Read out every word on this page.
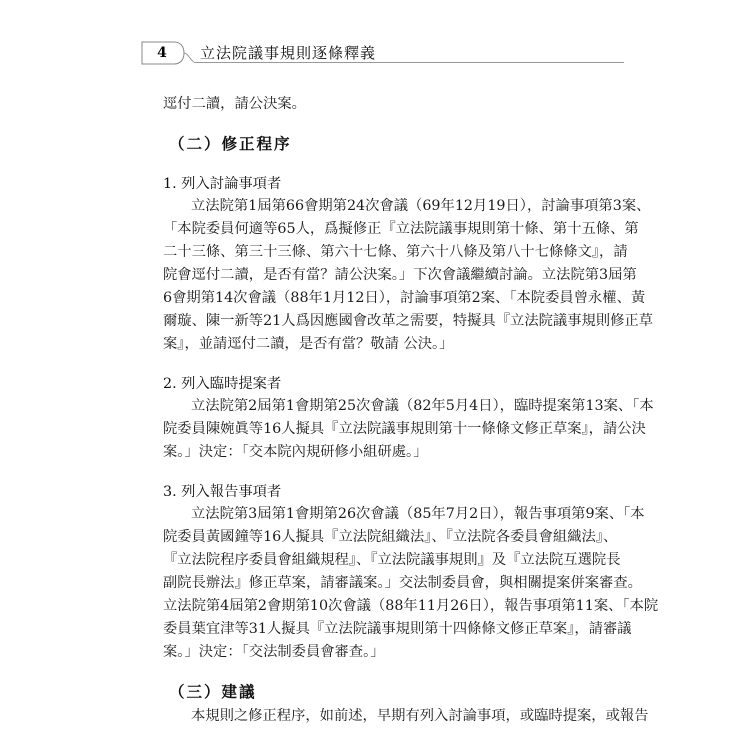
4	立法院議事規則逐條釋義
逕付二讀，請公決案。
（二）修正程序
1. 列入討論事項者
立法院第1屆第66會期第24次會議（69年12月19日），討論事項第3案、
「本院委員何適等65人，爲擬修正『立法院議事規則第十條、第十五條、第
二十三條、第三十三條、第六十七條、第六十八條及第八十七條條文』，請
院會逕付二讀，是否有當？請公決案。」下次會議繼續討論。立法院第3屆第
6會期第14次會議（88年1月12日），討論事項第2案、「本院委員曾永權、黃
爾璇、陳一新等21人爲因應國會改革之需要，特擬具『立法院議事規則修正草
案』，並請逕付二讀，是否有當？敬請 公決。」
2. 列入臨時提案者
立法院第2屆第1會期第25次會議（82年5月4日），臨時提案第13案、「本
院委員陳婉眞等16人擬具『立法院議事規則第十一條條文修正草案』，請公決
案。」決定：「交本院內規研修小組研處。」
3. 列入報告事項者
立法院第3屆第1會期第26次會議（85年7月2日），報告事項第9案、「本
院委員黃國鐘等16人擬具『立法院組織法』、『立法院各委員會組織法』、
『立法院程序委員會組織規程』、『立法院議事規則』及『立法院互選院長
副院長辦法』修正草案，請審議案。」交法制委員會，與相關提案併案審查。
立法院第4屆第2會期第10次會議（88年11月26日），報告事項第11案、「本院
委員葉宜津等31人擬具『立法院議事規則第十四條條文修正草案』，請審議
案。」決定：「交法制委員會審查。」
（三）建議
本規則之修正程序，如前述，早期有列入討論事項，或臨時提案，或報告
